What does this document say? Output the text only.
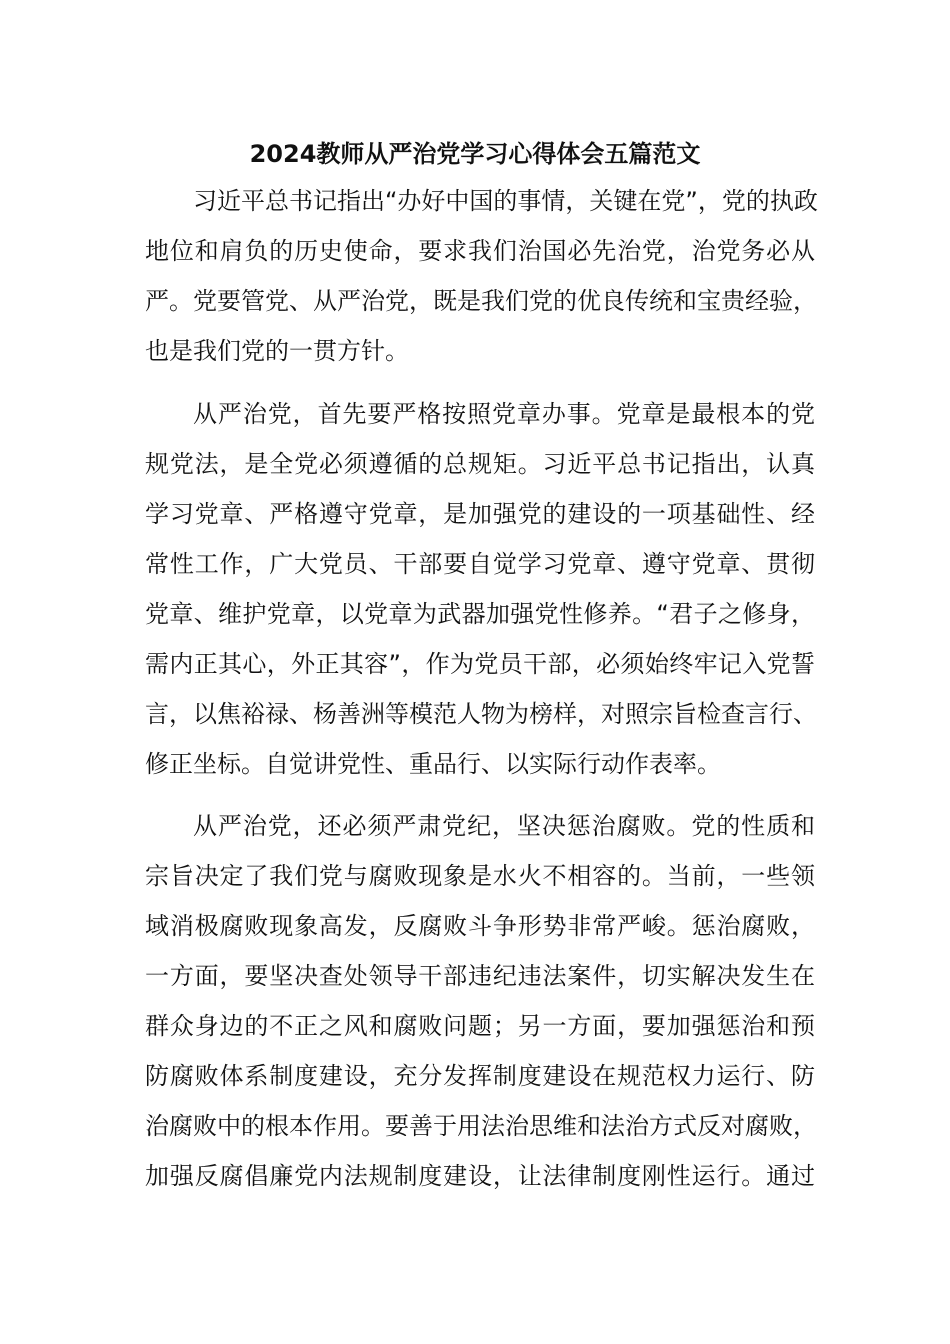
2024教师从严治党学习心得体会五篇范文
习近平总书记指出“办好中国的事情，关键在党”，党的执政
地位和肩负的历史使命，要求我们治国必先治党，治党务必从
严。党要管党、从严治党，既是我们党的优良传统和宝贵经验，
也是我们党的一贯方针。
从严治党，首先要严格按照党章办事。党章是最根本的党
规党法，是全党必须遵循的总规矩。习近平总书记指出，认真
学习党章、严格遵守党章，是加强党的建设的一项基础性、经
常性工作，广大党员、干部要自觉学习党章、遵守党章、贯彻
党章、维护党章，以党章为武器加强党性修养。“君子之修身，
需内正其心，外正其容”，作为党员干部，必须始终牢记入党誓
言，以焦裕禄、杨善洲等模范人物为榜样，对照宗旨检查言行、
修正坐标。自觉讲党性、重品行、以实际行动作表率。
从严治党，还必须严肃党纪，坚决惩治腐败。党的性质和
宗旨决定了我们党与腐败现象是水火不相容的。当前，一些领
域消极腐败现象高发，反腐败斗争形势非常严峻。惩治腐败，
一方面，要坚决查处领导干部违纪违法案件，切实解决发生在
群众身边的不正之风和腐败问题；另一方面，要加强惩治和预
防腐败体系制度建设，充分发挥制度建设在规范权力运行、防
治腐败中的根本作用。要善于用法治思维和法治方式反对腐败，
加强反腐倡廉党内法规制度建设，让法律制度刚性运行。通过
